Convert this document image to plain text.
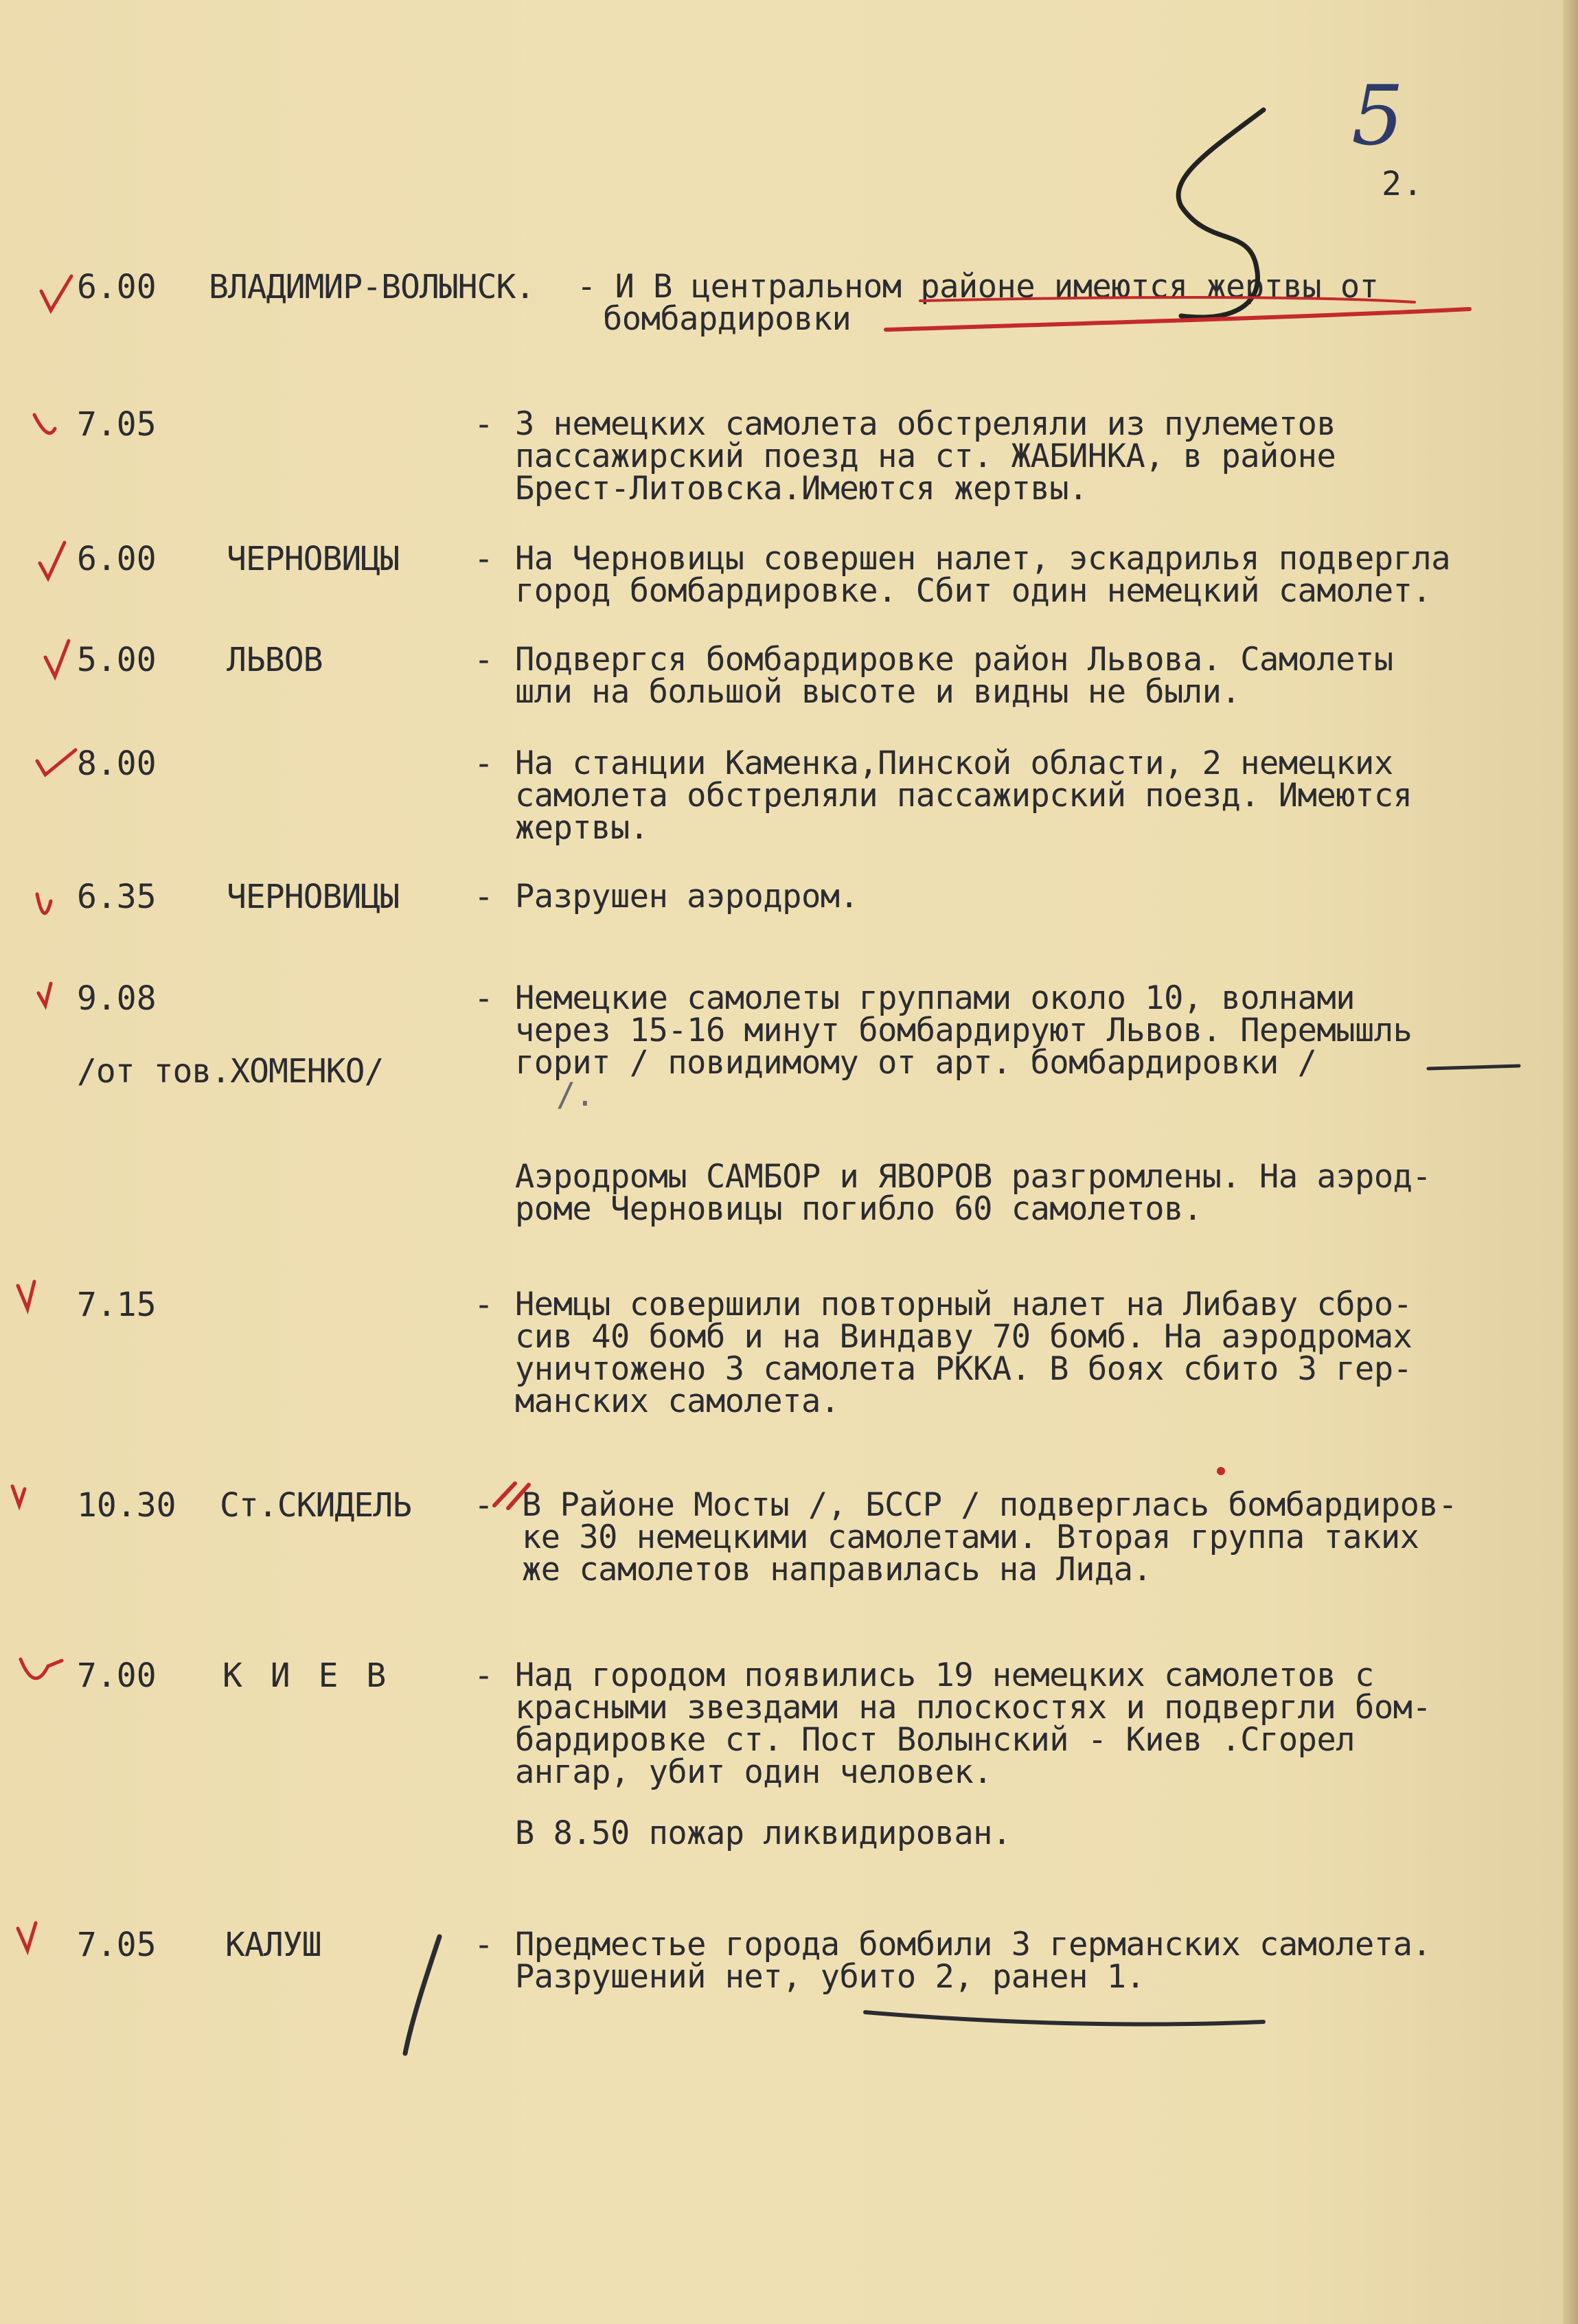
2.
6.00 ВЛАДИМИР-ВОЛЫНСК. - И В центральном районе имеются жертвы от

бомбардировки

7.05	- 3 немецких самолета обстреляли из пулеметов

пассажирский поезд на ст. ЖАБИНКА, в районе

Брест-Литовска.Имеются жертвы.

6.00 ЧЕРНОВИЦЫ - На Черновицы совершен налет, эскадрилья подвергла

город бомбардировке. Сбит один немецкий самолет.

5.00 ЛЬВОВ	- Подвергся бомбардировке район Львова. Самолеты

шли на большой высоте и видны не были.

8.00	- На станции Каменка,Пинской области, 2 немецких

самолета обстреляли пассажирский поезд. Имеются

жертвы.

6.35 ЧЕРНОВИЦЫ - Разрушен аэродром.

9.08
/от тов.ХОМЕНКО/
- Немецкие самолеты группами около 10, волнами

через 15-16 минут бомбардируют Львов. Перемышль

горит / повидимому от арт. бомбардировки /

/.

Аэродромы САМБОР и ЯВОРОВ разгромлены. На аэрод-

роме Черновицы погибло 60 самолетов.

7.15	- Немцы совершили повторный налет на Либаву сбро-

сив 40 бомб и на Виндаву 70 бомб. На аэродромах

уничтожено 3 самолета РККА. В боях сбито 3 гер-

манских самолета.

10.30 Ст.СКИДЕЛЬ - В Районе Мосты /, БССР / подверглась бомбардиров-

ке 30 немецкими самолетами. Вторая группа таких

же самолетов направилась на Лида.

7.00 К И Е В	- Над городом появились 19 немецких самолетов с

красными звездами на плоскостях и подвергли бом-

бардировке ст. Пост Волынский - Киев .Сгорел

ангар, убит один человек.

В 8.50 пожар ликвидирован.

7.05 КАЛУШ	- Предместье города бомбили 3 германских самолета.

Разрушений нет, убито 2, ранен 1.

5
